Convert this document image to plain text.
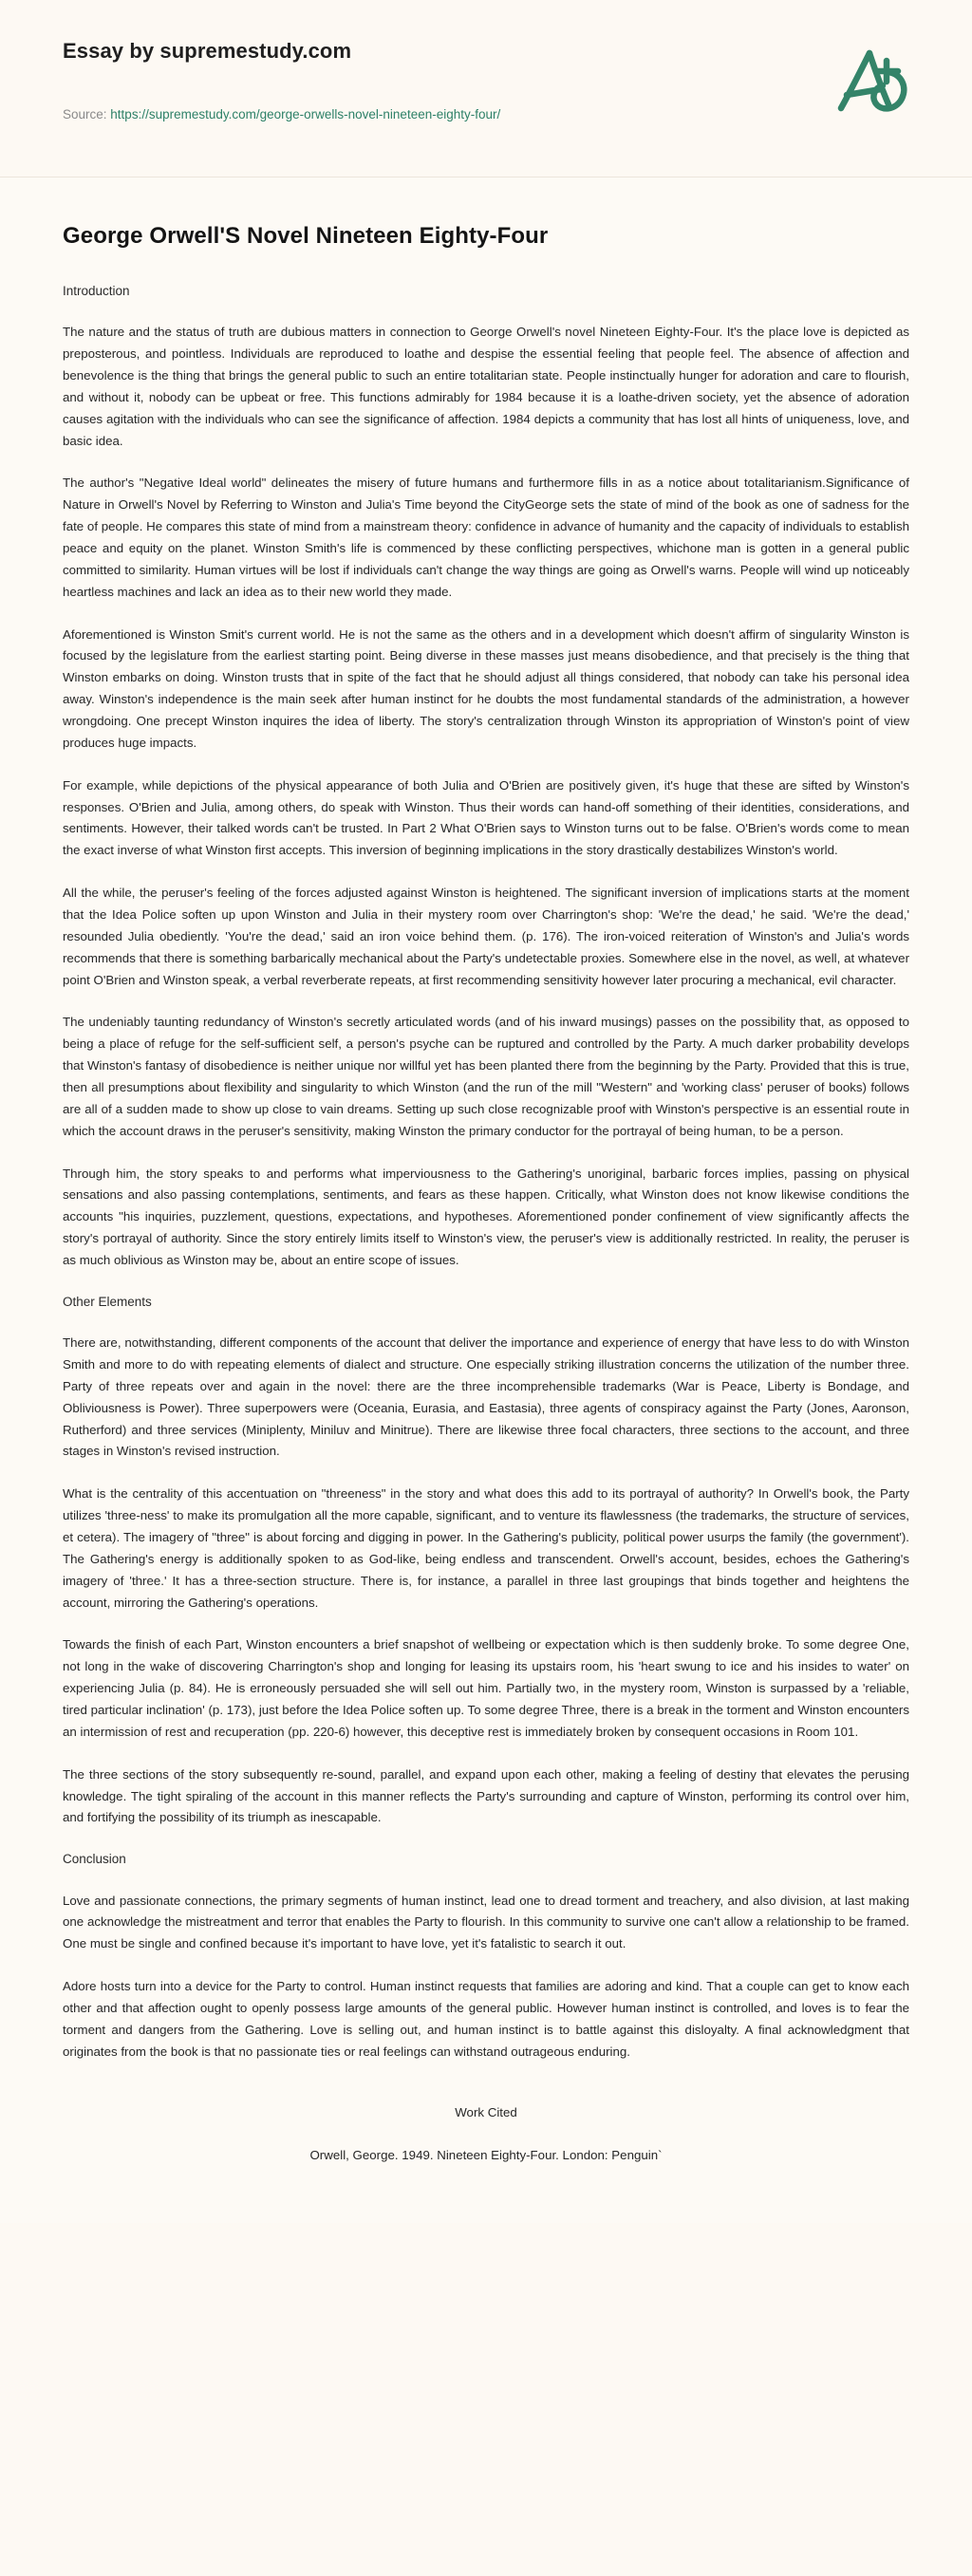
Essay by supremestudy.com
Source: https://supremestudy.com/george-orwells-novel-nineteen-eighty-four/
George Orwell'S Novel Nineteen Eighty-Four
Introduction

The nature and the status of truth are dubious matters in connection to George Orwell's novel Nineteen Eighty-Four. It's the place love is depicted as preposterous, and pointless. Individuals are reproduced to loathe and despise the essential feeling that people feel. The absence of affection and benevolence is the thing that brings the general public to such an entire totalitarian state. People instinctually hunger for adoration and care to flourish, and without it, nobody can be upbeat or free. This functions admirably for 1984 because it is a loathe-driven society, yet the absence of adoration causes agitation with the individuals who can see the significance of affection. 1984 depicts a community that has lost all hints of uniqueness, love, and basic idea.

The author's "Negative Ideal world" delineates the misery of future humans and furthermore fills in as a notice about totalitarianism.Significance of Nature in Orwell's Novel by Referring to Winston and Julia's Time beyond the CityGeorge sets the state of mind of the book as one of sadness for the fate of people. He compares this state of mind from a mainstream theory: confidence in advance of humanity and the capacity of individuals to establish peace and equity on the planet. Winston Smith's life is commenced by these conflicting perspectives, whichone man is gotten in a general public committed to similarity. Human virtues will be lost if individuals can't change the way things are going as Orwell's warns. People will wind up noticeably heartless machines and lack an idea as to their new world they made.

Aforementioned is Winston Smit's current world. He is not the same as the others and in a development which doesn't affirm of singularity Winston is focused by the legislature from the earliest starting point. Being diverse in these masses just means disobedience, and that precisely is the thing that Winston embarks on doing. Winston trusts that in spite of the fact that he should adjust all things considered, that nobody can take his personal idea away. Winston's independence is the main seek after human instinct for he doubts the most fundamental standards of the administration, a however wrongdoing. One precept Winston inquires the idea of liberty. The story's centralization through Winston its appropriation of Winston's point of view produces huge impacts.

For example, while depictions of the physical appearance of both Julia and O'Brien are positively given, it's huge that these are sifted by Winston's responses. O'Brien and Julia, among others, do speak with Winston. Thus their words can hand-off something of their identities, considerations, and sentiments. However, their talked words can't be trusted. In Part 2 What O'Brien says to Winston turns out to be false. O'Brien's words come to mean the exact inverse of what Winston first accepts. This inversion of beginning implications in the story drastically destabilizes Winston's world.

All the while, the peruser's feeling of the forces adjusted against Winston is heightened. The significant inversion of implications starts at the moment that the Idea Police soften up upon Winston and Julia in their mystery room over Charrington's shop: 'We're the dead,' he said. 'We're the dead,' resounded Julia obediently. 'You're the dead,' said an iron voice behind them. (p. 176). The iron-voiced reiteration of Winston's and Julia's words recommends that there is something barbarically mechanical about the Party's undetectable proxies. Somewhere else in the novel, as well, at whatever point O'Brien and Winston speak, a verbal reverberate repeats, at first recommending sensitivity however later procuring a mechanical, evil character.

The undeniably taunting redundancy of Winston's secretly articulated words (and of his inward musings) passes on the possibility that, as opposed to being a place of refuge for the self-sufficient self, a person's psyche can be ruptured and controlled by the Party. A much darker probability develops that Winston's fantasy of disobedience is neither unique nor willful yet has been planted there from the beginning by the Party. Provided that this is true, then all presumptions about flexibility and singularity to which Winston (and the run of the mill "Western" and 'working class' peruser of books) follows are all of a sudden made to show up close to vain dreams. Setting up such close recognizable proof with Winston's perspective is an essential route in which the account draws in the peruser's sensitivity, making Winston the primary conductor for the portrayal of being human, to be a person.

Through him, the story speaks to and performs what imperviousness to the Gathering's unoriginal, barbaric forces implies, passing on physical sensations and also passing contemplations, sentiments, and fears as these happen. Critically, what Winston does not know likewise conditions the accounts "his inquiries, puzzlement, questions, expectations, and hypotheses. Aforementioned ponder confinement of view significantly affects the story's portrayal of authority. Since the story entirely limits itself to Winston's view, the peruser's view is additionally restricted. In reality, the peruser is as much oblivious as Winston may be, about an entire scope of issues.

Other Elements

There are, notwithstanding, different components of the account that deliver the importance and experience of energy that have less to do with Winston Smith and more to do with repeating elements of dialect and structure. One especially striking illustration concerns the utilization of the number three. Party of three repeats over and again in the novel: there are the three incomprehensible trademarks (War is Peace, Liberty is Bondage, and Obliviousness is Power). Three superpowers were (Oceania, Eurasia, and Eastasia), three agents of conspiracy against the Party (Jones, Aaronson, Rutherford) and three services (Miniplenty, Miniluv and Minitrue). There are likewise three focal characters, three sections to the account, and three stages in Winston's revised instruction.

What is the centrality of this accentuation on "threeness" in the story and what does this add to its portrayal of authority? In Orwell's book, the Party utilizes 'three-ness' to make its promulgation all the more capable, significant, and to venture its flawlessness (the trademarks, the structure of services, et cetera). The imagery of "three" is about forcing and digging in power. In the Gathering's publicity, political power usurps the family (the government'). The Gathering's energy is additionally spoken to as God-like, being endless and transcendent. Orwell's account, besides, echoes the Gathering's imagery of 'three.' It has a three-section structure. There is, for instance, a parallel in three last groupings that binds together and heightens the account, mirroring the Gathering's operations.

Towards the finish of each Part, Winston encounters a brief snapshot of wellbeing or expectation which is then suddenly broke. To some degree One, not long in the wake of discovering Charrington's shop and longing for leasing its upstairs room, his 'heart swung to ice and his insides to water' on experiencing Julia (p. 84). He is erroneously persuaded she will sell out him. Partially two, in the mystery room, Winston is surpassed by a 'reliable, tired particular inclination' (p. 173), just before the Idea Police soften up. To some degree Three, there is a break in the torment and Winston encounters an intermission of rest and recuperation (pp. 220-6) however, this deceptive rest is immediately broken by consequent occasions in Room 101.

The three sections of the story subsequently re-sound, parallel, and expand upon each other, making a feeling of destiny that elevates the perusing knowledge. The tight spiraling of the account in this manner reflects the Party's surrounding and capture of Winston, performing its control over him, and fortifying the possibility of its triumph as inescapable.

Conclusion

Love and passionate connections, the primary segments of human instinct, lead one to dread torment and treachery, and also division, at last making one acknowledge the mistreatment and terror that enables the Party to flourish. In this community to survive one can't allow a relationship to be framed. One must be single and confined because it's important to have love, yet it's fatalistic to search it out.

Adore hosts turn into a device for the Party to control. Human instinct requests that families are adoring and kind. That a couple can get to know each other and that affection ought to openly possess large amounts of the general public. However human instinct is controlled, and loves is to fear the torment and dangers from the Gathering. Love is selling out, and human instinct is to battle against this disloyalty. A final acknowledgment that originates from the book is that no passionate ties or real feelings can withstand outrageous enduring.

Work Cited
Orwell, George. 1949. Nineteen Eighty-Four. London: Penguin`
